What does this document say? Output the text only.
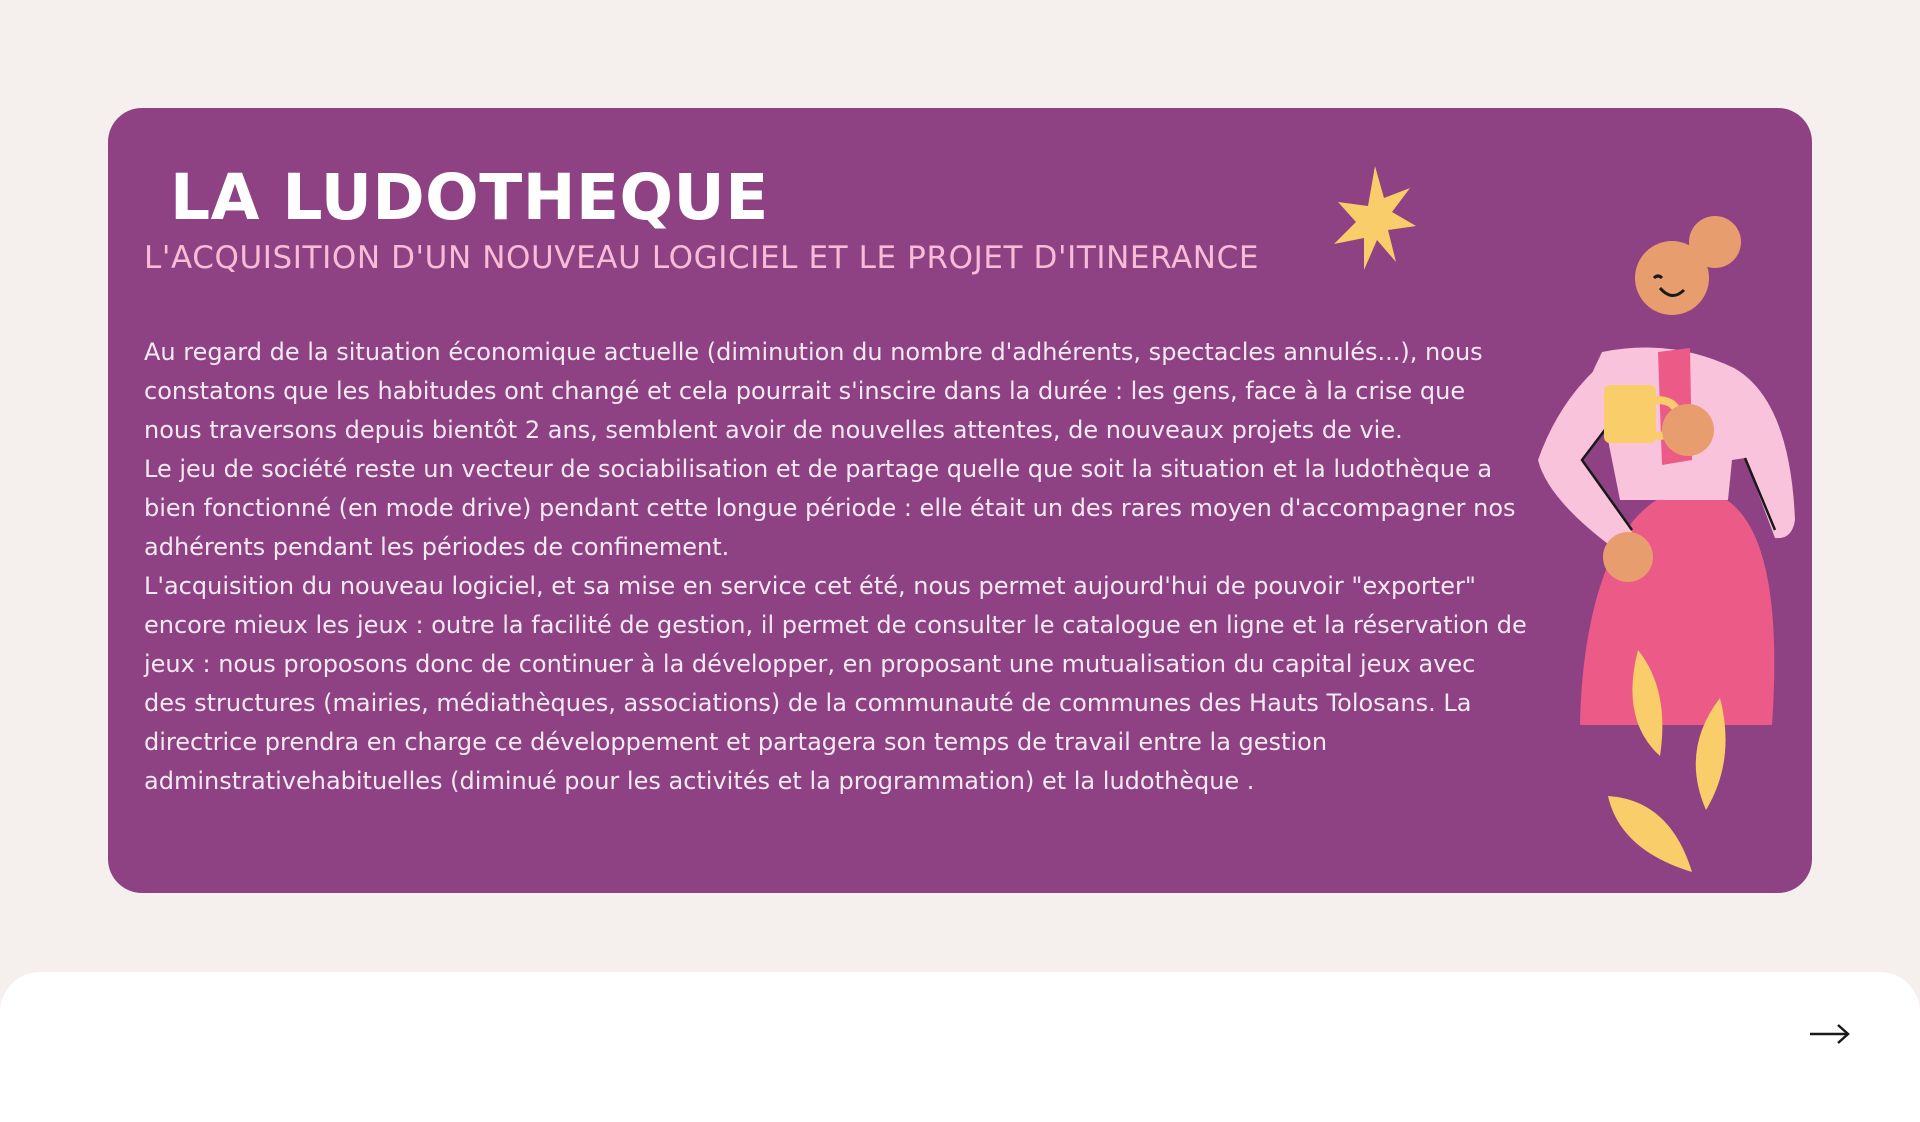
LA LUDOTHEQUE
L'ACQUISITION D'UN NOUVEAU LOGICIEL ET LE PROJET D'ITINERANCE
Au regard de la situation économique actuelle (diminution du nombre d'adhérents, spectacles annulés...), nous
constatons que les habitudes ont changé et cela pourrait s'inscire dans la durée : les gens, face à la crise que
nous traversons depuis bientôt 2 ans, semblent avoir de nouvelles attentes, de nouveaux projets de vie.
Le jeu de société reste un vecteur de sociabilisation et de partage quelle que soit la situation et la ludothèque a
bien fonctionné (en mode drive) pendant cette longue période : elle était un des rares moyen d'accompagner nos
adhérents pendant les périodes de confinement.
L'acquisition du nouveau logiciel, et sa mise en service cet été, nous permet aujourd'hui de pouvoir "exporter"
encore mieux les jeux : outre la facilité de gestion, il permet de consulter le catalogue en ligne et la réservation de
jeux : nous proposons donc de continuer à la développer, en proposant une mutualisation du capital jeux avec
des structures (mairies, médiathèques, associations) de la communauté de communes des Hauts Tolosans. La
directrice prendra en charge ce développement et partagera son temps de travail entre la gestion
adminstrativehabituelles (diminué pour les activités et la programmation) et la ludothèque .
